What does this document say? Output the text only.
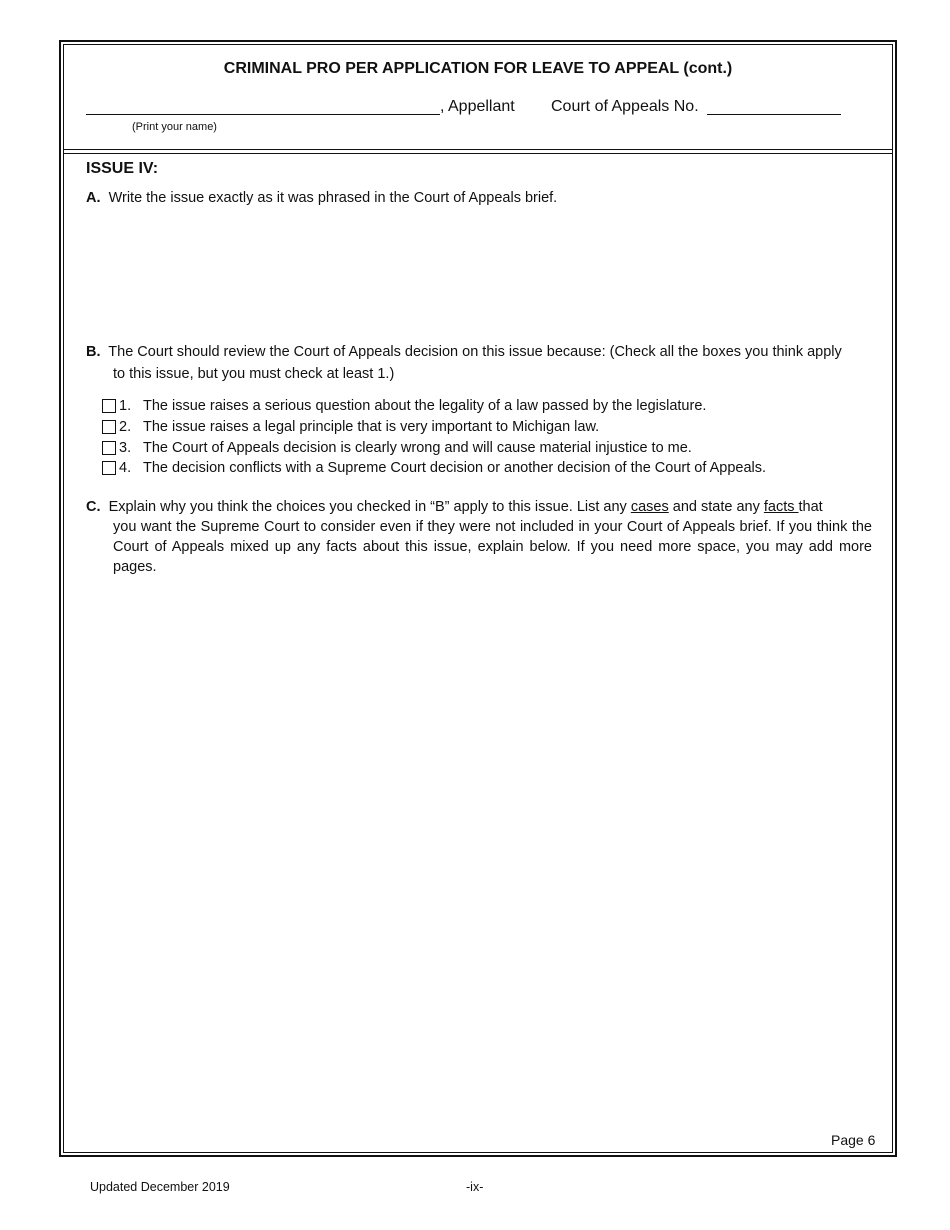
CRIMINAL PRO PER APPLICATION FOR LEAVE TO APPEAL (cont.)
, Appellant Court of Appeals No.
(Print your name)
ISSUE IV:
A. Write the issue exactly as it was phrased in the Court of Appeals brief.
B. The Court should review the Court of Appeals decision on this issue because: (Check all the boxes you think apply
to this issue, but you must check at least 1.)
1. The issue raises a serious question about the legality of a law passed by the legislature.
2. The issue raises a legal principle that is very important to Michigan law.
3. The Court of Appeals decision is clearly wrong and will cause material injustice to me.
4. The decision conflicts with a Supreme Court decision or another decision of the Court of Appeals.
C. Explain why you think the choices you checked in “B” apply to this issue. List any cases and state any facts that
you want the Supreme Court to consider even if they were not included in your Court of Appeals brief. If you think the Court of Appeals mixed up any facts about this issue, explain below. If you need more space, you may add more pages.
Page 6
Updated December 2019	-ix-
